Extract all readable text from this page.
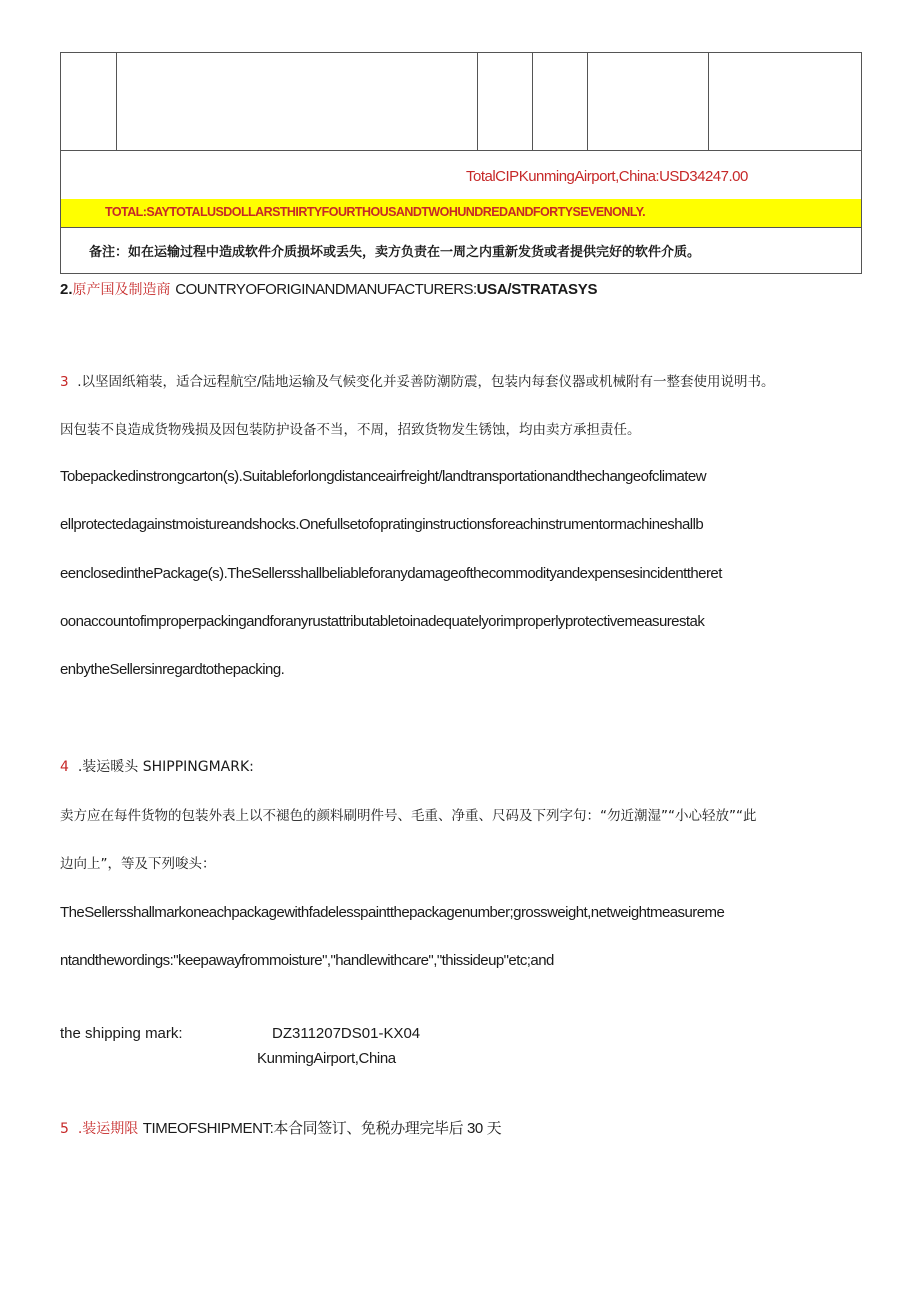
TotalCIPKunmingAirport,China:USD34247.00
TOTAL:SAYTOTALUSDOLLARSTHIRTYFOURTHOUSANDTWOHUNDREDANDFORTYSEVENONLY.
备注：如在运输过程中造成软件介质损坏或丢失，卖方负责在一周之内重新发货或者提供完好的软件介质。
2.原产国及制造商 COUNTRYOFORIGINANDMANUFACTURERS:USA/STRATASYS
3 .以坚固纸箱装，适合远程航空/陆地运输及气候变化并妥善防潮防震，包装内每套仪器或机械附有一整套使用说明书。
因包装不良造成货物残损及因包装防护设备不当，不周，招致货物发生锈蚀，均由卖方承担责任。
Tobepackedinstrongcarton(s).Suitableforlongdistanceairfreight/landtransportationandthechangeofclimatew
ellprotectedagainstmoistureandshocks.Onefullsetofopratinginstructionsforeachinstrumentormachineshallb
eenclosedinthePackage(s).TheSellersshallbeliableforanydamageofthecommodityandexpensesincidenttheret
oonaccountofimproperpackingandforanyrustattributabletoinadequatelyorimproperlyprotectivemeasurestak
enbytheSellersinregardtothepacking.
4 .装运暖头 SHIPPINGMARK:
卖方应在每件货物的包装外表上以不褪色的颜料刷明件号、毛重、净重、尺码及下列字句：“勿近潮湿”“小心轻放”“此
边向上”，等及下列唆头：
TheSellersshallmarkoneachpackagewithfadelesspaintthepackagenumber;grossweight,netweightmeasureme
ntandthewordings:"keepawayfrommoisture","handlewithcare","thissideup"etc;and
the shipping mark:	DZ311207DS01-KX04
KunmingAirport,China
5 .装运期限 TIMEOFSHIPMENT:本合同签订、免税办理完毕后 30 天
